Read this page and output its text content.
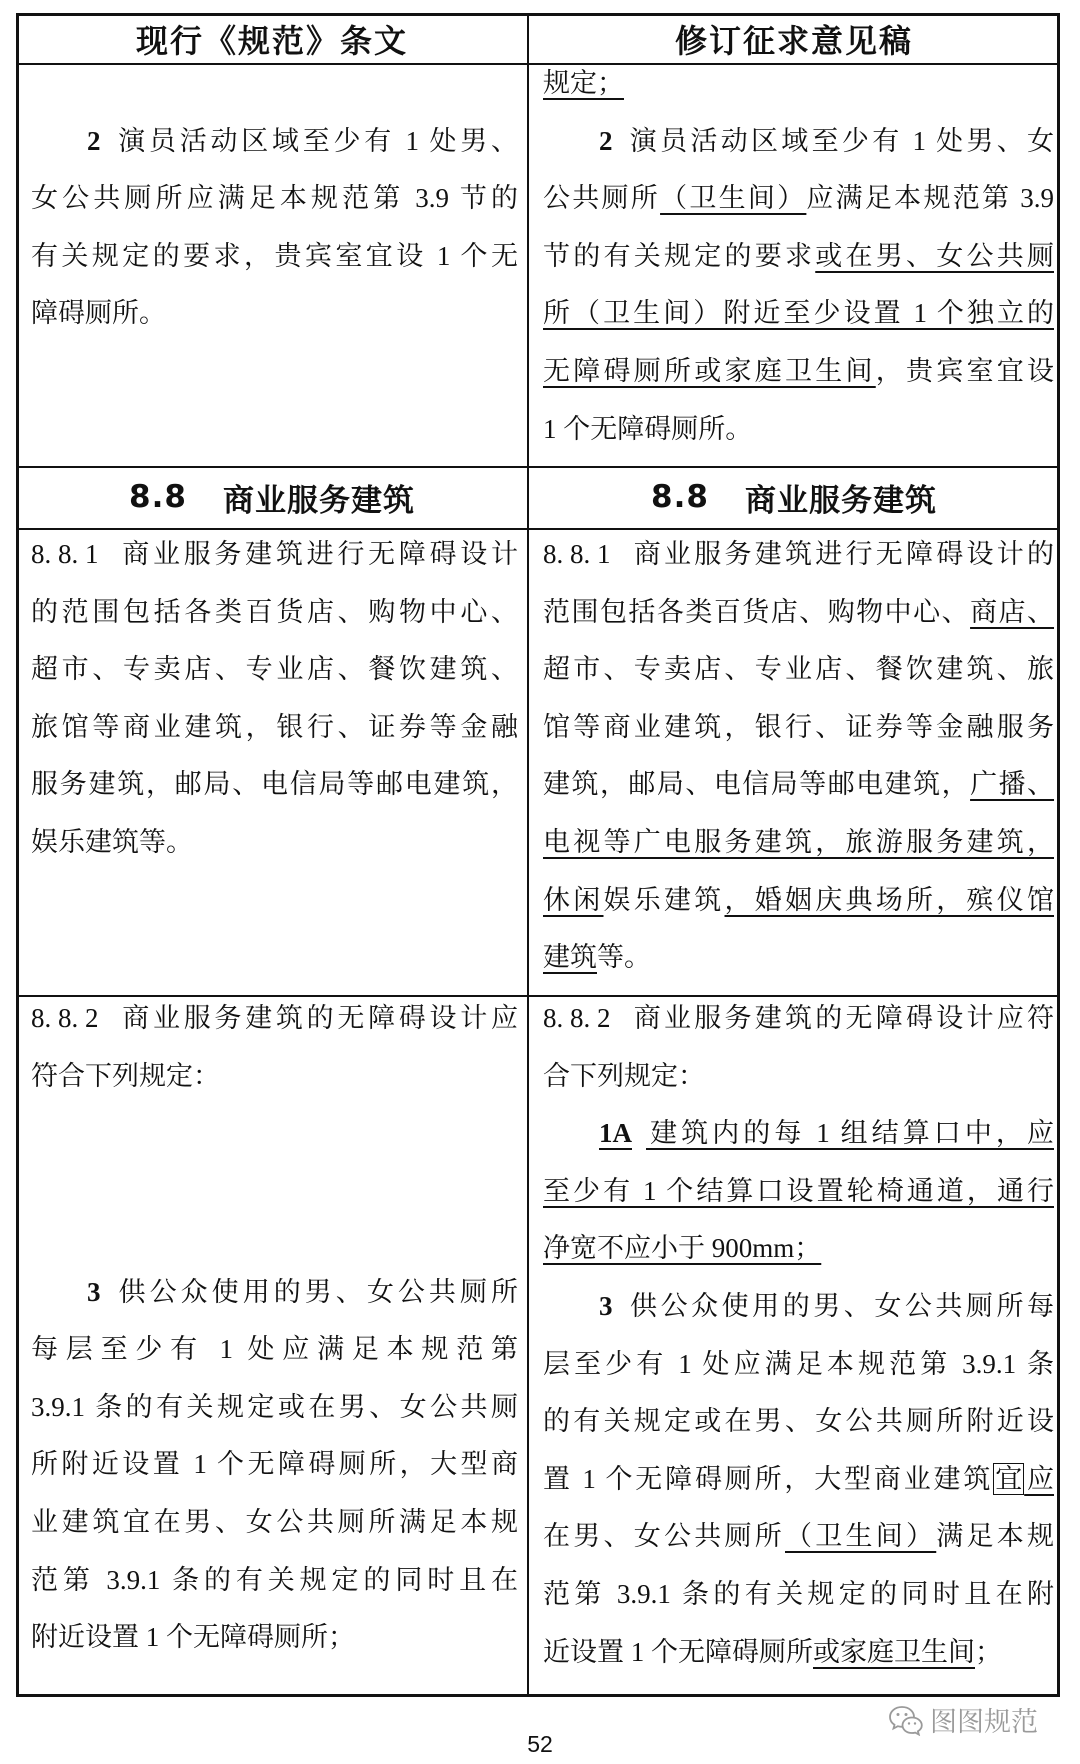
现行《规范》条文	修订征求意见稿
2 演员活动区域至少有 1 处男、
女公共厕所应满足本规范第 3.9 节的
有关规定的要求，贵宾室宜设 1 个无
障碍厕所。
规定；
2 演员活动区域至少有 1 处男、女
公共厕所（卫生间）应满足本规范第 3.9
节的有关规定的要求或在男、女公共厕
所（卫生间）附近至少设置 1 个独立的
无障碍厕所或家庭卫生间，贵宾室宜设
1 个无障碍厕所。
8.8 商业服务建筑	8.8 商业服务建筑
8. 8. 1 商业服务建筑进行无障碍设计
的范围包括各类百货店、购物中心、
超市、专卖店、专业店、餐饮建筑、
旅馆等商业建筑，银行、证券等金融
服务建筑，邮局、电信局等邮电建筑，
娱乐建筑等。
8. 8. 1 商业服务建筑进行无障碍设计的
范围包括各类百货店、购物中心、商店、
超市、专卖店、专业店、餐饮建筑、旅
馆等商业建筑，银行、证券等金融服务
建筑，邮局、电信局等邮电建筑，广播、
电视等广电服务建筑，旅游服务建筑，
休闲娱乐建筑，婚姻庆典场所，殡仪馆
建筑等。
8. 8. 2 商业服务建筑的无障碍设计应
符合下列规定：
3 供公众使用的男、女公共厕所
每层至少有 1 处应满足本规范第
3.9.1 条的有关规定或在男、女公共厕
所附近设置 1 个无障碍厕所，大型商
业建筑宜在男、女公共厕所满足本规
范第 3.9.1 条的有关规定的同时且在
附近设置 1 个无障碍厕所；
8. 8. 2 商业服务建筑的无障碍设计应符
合下列规定：
1A 建筑内的每 1 组结算口中，应
至少有 1 个结算口设置轮椅通道，通行
净宽不应小于 900mm；
3 供公众使用的男、女公共厕所每
层至少有 1 处应满足本规范第 3.9.1 条
的有关规定或在男、女公共厕所附近设
置 1 个无障碍厕所，大型商业建筑宜应
在男、女公共厕所（卫生间）满足本规
范第 3.9.1 条的有关规定的同时且在附
近设置 1 个无障碍厕所或家庭卫生间；
52
图图规范
